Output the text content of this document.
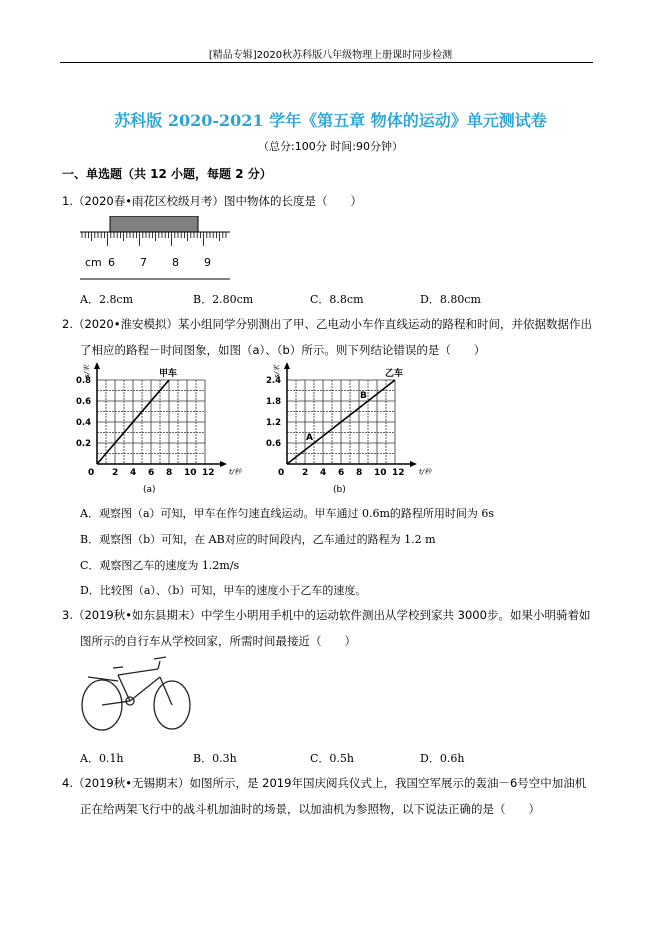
[精品专辑]2020秋苏科版八年级物理上册课时同步检测
苏科版 2020-2021 学年《第五章 物体的运动》单元测试卷
（总分:100分 时间:90分钟）
一、单选题（共 12 小题，每题 2 分）
1.（2020春•雨花区校级月考）图中物体的长度是（　　）
cm 6 7 8 9
A．2.8cm	B．2.80cm	C．8.8cm	D．8.80cm
2.（2020•淮安模拟）某小组同学分别测出了甲、乙电动小车作直线运动的路程和时间，并依据数据作出
了相应的路程－时间图象，如图（a）、（b）所示。则下列结论错误的是（　　）
0 2 4 6 8 10 12
0.2
0.4
0.6
0.8
t/秒
s/米	甲车
(a)
0 2 4 6 8 10 12
0.6
1.2
1.8
2.4
t/秒
s/米	乙车
A
B
(b)
A．观察图（a）可知，甲车在作匀速直线运动。甲车通过 0.6m的路程所用时间为 6s
B．观察图（b）可知，在 AB对应的时间段内，乙车通过的路程为 1.2 m
C．观察图乙车的速度为 1.2m/s
D．比较图（a）、（b）可知，甲车的速度小于乙车的速度。
3.（2019秋•如东县期末）中学生小明用手机中的运动软件测出从学校到家共 3000步。如果小明骑着如
图所示的自行车从学校回家，所需时间最接近（　　）
A．0.1h	B．0.3h	C．0.5h	D．0.6h
4.（2019秋•无锡期末）如图所示，是 2019年国庆阅兵仪式上，我国空军展示的轰油－6号空中加油机
正在给两架飞行中的战斗机加油时的场景，以加油机为参照物，以下说法正确的是（　　）
